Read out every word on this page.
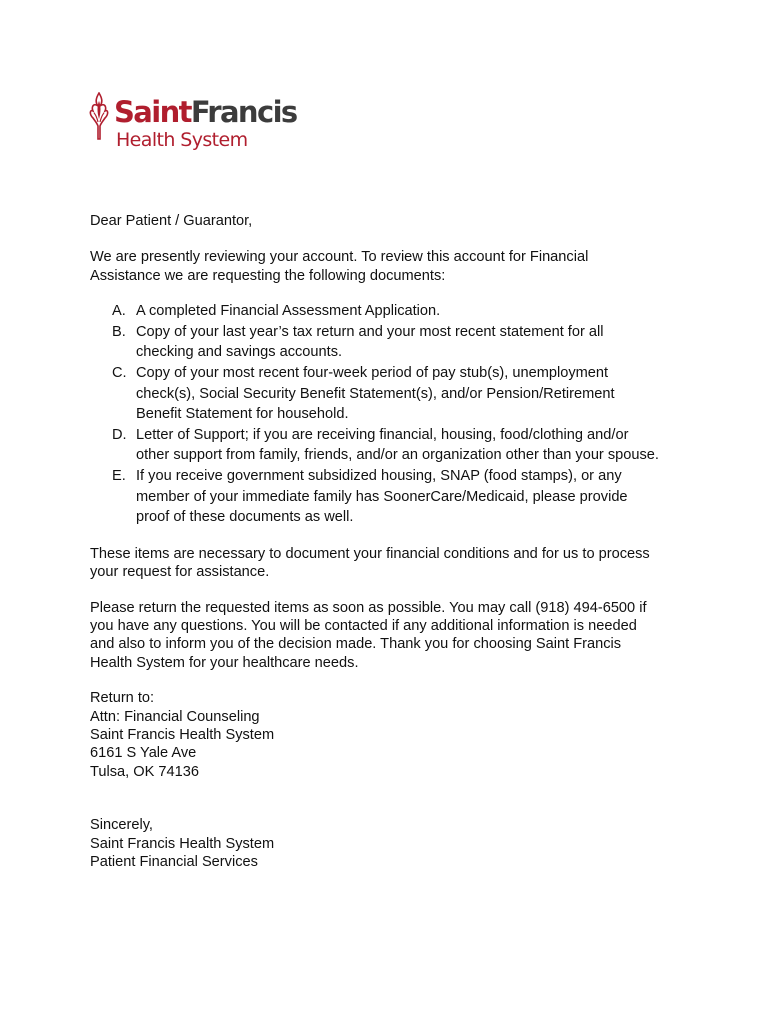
SaintFrancis
Health System

Dear Patient / Guarantor,

We are presently reviewing your account. To review this account for Financial
Assistance we are requesting the following documents:

A. A completed Financial Assessment Application.
B. Copy of your last year’s tax return and your most recent statement for all
checking and savings accounts.
C. Copy of your most recent four-week period of pay stub(s), unemployment
check(s), Social Security Benefit Statement(s), and/or Pension/Retirement
Benefit Statement for household.
D. Letter of Support; if you are receiving financial, housing, food/clothing and/or
other support from family, friends, and/or an organization other than your spouse.
E. If you receive government subsidized housing, SNAP (food stamps), or any
member of your immediate family has SoonerCare/Medicaid, please provide
proof of these documents as well.

These items are necessary to document your financial conditions and for us to process
your request for assistance.

Please return the requested items as soon as possible. You may call (918) 494-6500 if
you have any questions. You will be contacted if any additional information is needed
and also to inform you of the decision made. Thank you for choosing Saint Francis
Health System for your healthcare needs.

Return to:
Attn: Financial Counseling
Saint Francis Health System
6161 S Yale Ave
Tulsa, OK 74136
Sincerely,
Saint Francis Health System
Patient Financial Services
